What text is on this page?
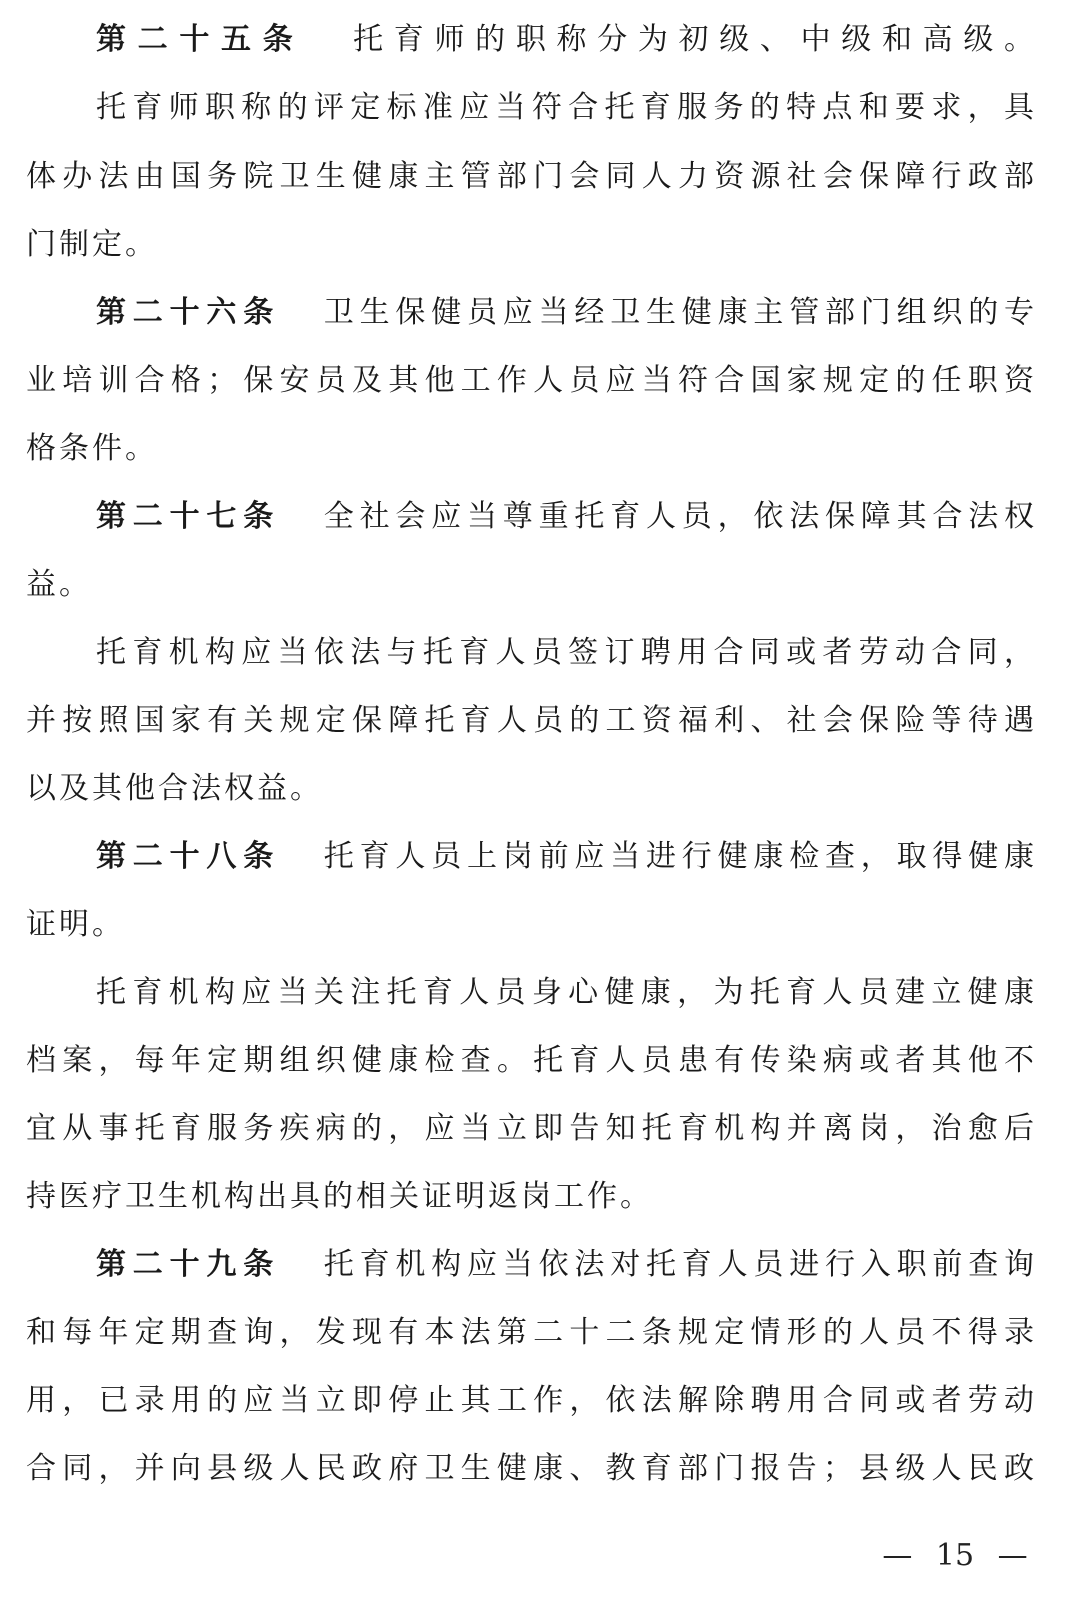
第二十五条 托育师的职称分为初级、中级和高级。
托育师职称的评定标准应当符合托育服务的特点和要求，具
体办法由国务院卫生健康主管部门会同人力资源社会保障行政部
门制定。
第二十六条 卫生保健员应当经卫生健康主管部门组织的专
业培训合格；保安员及其他工作人员应当符合国家规定的任职资
格条件。
第二十七条 全社会应当尊重托育人员，依法保障其合法权
益。
托育机构应当依法与托育人员签订聘用合同或者劳动合同，
并按照国家有关规定保障托育人员的工资福利、社会保险等待遇
以及其他合法权益。
第二十八条 托育人员上岗前应当进行健康检查，取得健康
证明。
托育机构应当关注托育人员身心健康，为托育人员建立健康
档案，每年定期组织健康检查。托育人员患有传染病或者其他不
宜从事托育服务疾病的，应当立即告知托育机构并离岗，治愈后
持医疗卫生机构出具的相关证明返岗工作。
第二十九条 托育机构应当依法对托育人员进行入职前查询
和每年定期查询，发现有本法第二十二条规定情形的人员不得录
用，已录用的应当立即停止其工作，依法解除聘用合同或者劳动
合同，并向县级人民政府卫生健康、教育部门报告；县级人民政
— 15 —
